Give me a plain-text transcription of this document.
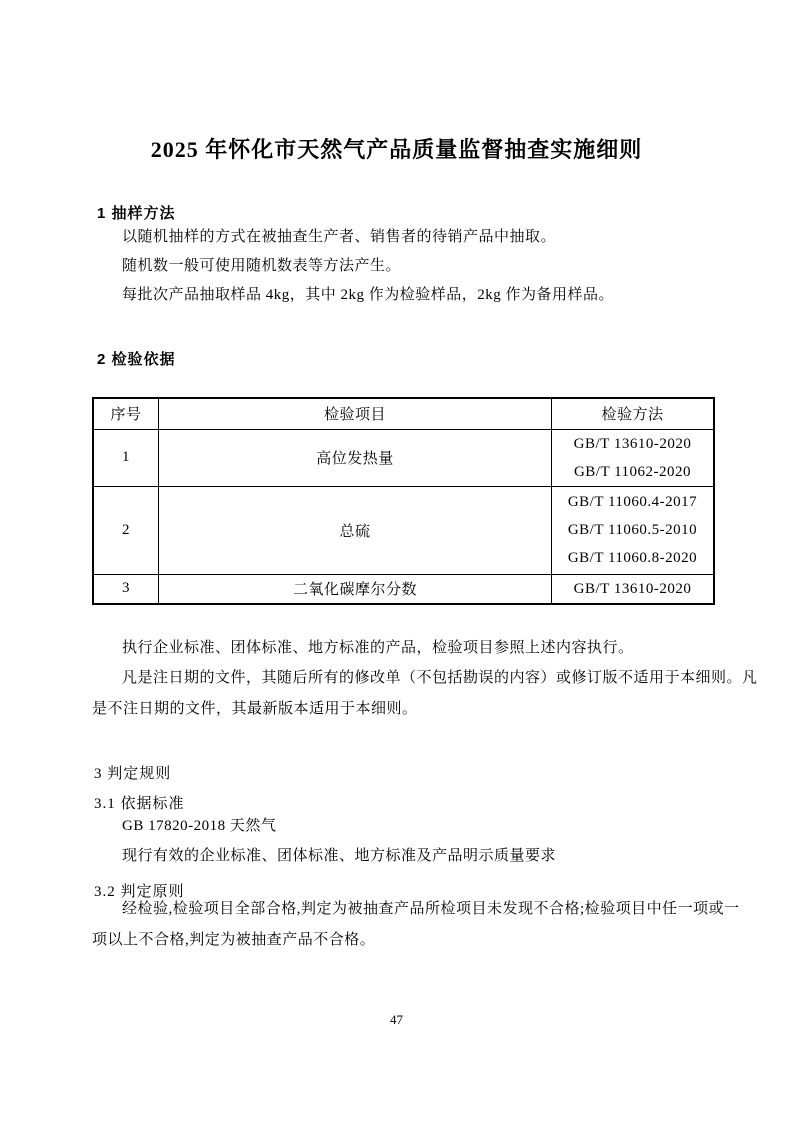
2025 年怀化市天然气产品质量监督抽查实施细则
1 抽样方法
以随机抽样的方式在被抽查生产者、销售者的待销产品中抽取。
随机数一般可使用随机数表等方法产生。
每批次产品抽取样品 4kg，其中 2kg 作为检验样品，2kg 作为备用样品。
2 检验依据
序号	检验项目	检验方法
1	高位发热量	GB/T 13610-2020
GB/T 11062-2020

2	总硫	GB/T 11060.4-2017
GB/T 11060.5-2010
GB/T 11060.8-2020

3	二氧化碳摩尔分数	GB/T 13610-2020
执行企业标准、团体标准、地方标准的产品，检验项目参照上述内容执行。
凡是注日期的文件，其随后所有的修改单（不包括勘误的内容）或修订版不适用于本细则。凡
是不注日期的文件，其最新版本适用于本细则。
3 判定规则
3.1 依据标准
GB 17820-2018 天然气
现行有效的企业标准、团体标准、地方标准及产品明示质量要求
3.2 判定原则
经检验,检验项目全部合格,判定为被抽查产品所检项目未发现不合格;检验项目中任一项或一
项以上不合格,判定为被抽查产品不合格。
47
